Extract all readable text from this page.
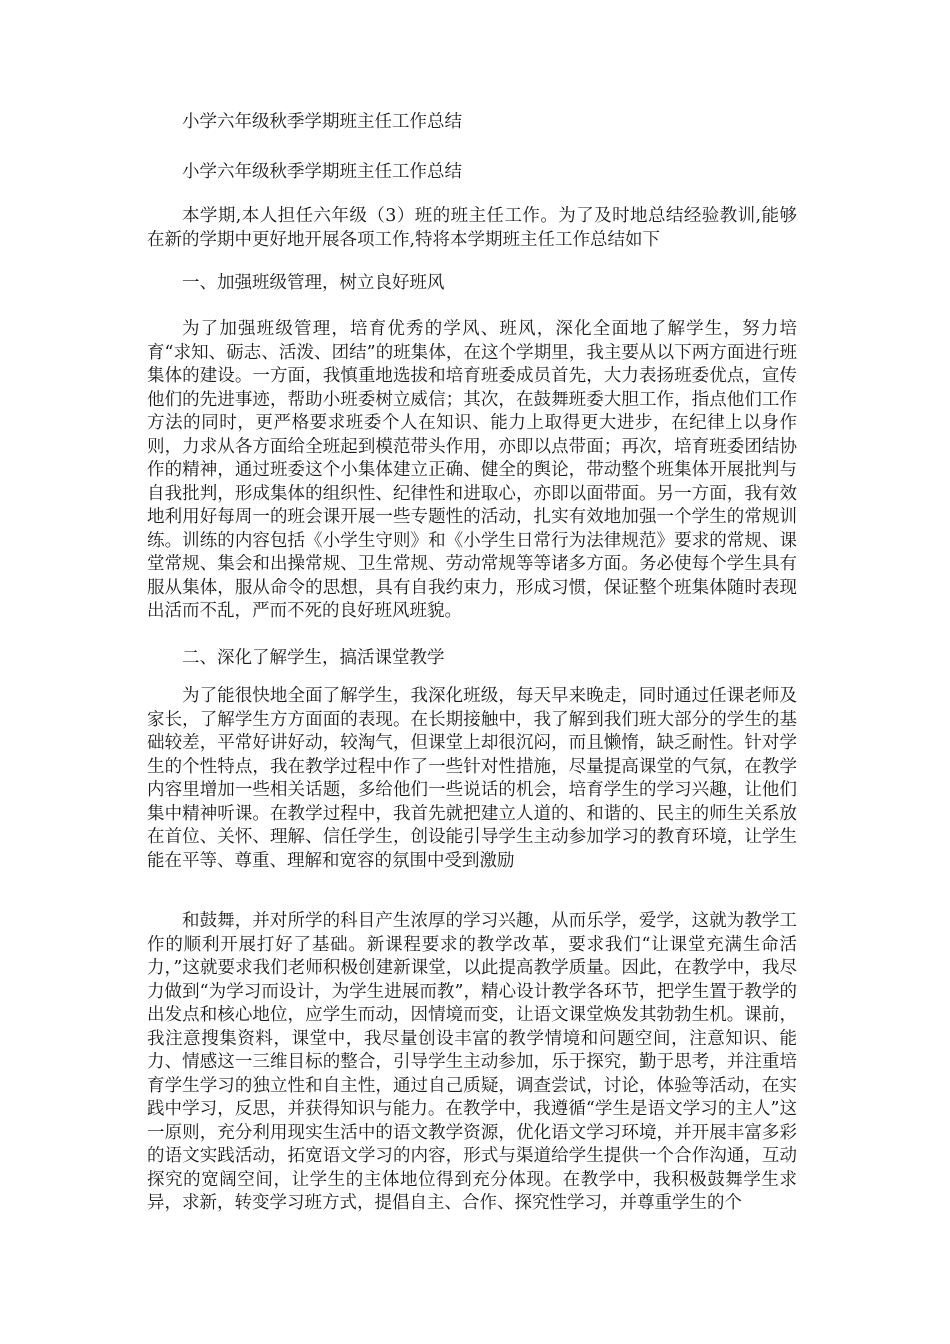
小学六年级秋季学期班主任工作总结
小学六年级秋季学期班主任工作总结
本学期,本人担任六年级（3）班的班主任工作。为了及时地总结经验教训,能够在新的学期中更好地开展各项工作,特将本学期班主任工作总结如下
一、加强班级管理，树立良好班风
为了加强班级管理，培育优秀的学风、班风，深化全面地了解学生，努力培育“求知、砺志、活泼、团结”的班集体，在这个学期里，我主要从以下两方面进行班集体的建设。一方面，我慎重地选拔和培育班委成员首先，大力表扬班委优点，宣传他们的先进事迹，帮助小班委树立威信；其次，在鼓舞班委大胆工作，指点他们工作方法的同时，更严格要求班委个人在知识、能力上取得更大进步，在纪律上以身作则，力求从各方面给全班起到模范带头作用，亦即以点带面；再次，培育班委团结协作的精神，通过班委这个小集体建立正确、健全的舆论，带动整个班集体开展批判与自我批判，形成集体的组织性、纪律性和进取心，亦即以面带面。另一方面，我有效地利用好每周一的班会课开展一些专题性的活动，扎实有效地加强一个学生的常规训练。训练的内容包括《小学生守则》和《小学生日常行为法律规范》要求的常规、课堂常规、集会和出操常规、卫生常规、劳动常规等等诸多方面。务必使每个学生具有服从集体，服从命令的思想，具有自我约束力，形成习惯，保证整个班集体随时表现出活而不乱，严而不死的良好班风班貌。
二、深化了解学生，搞活课堂教学
为了能很快地全面了解学生，我深化班级，每天早来晚走，同时通过任课老师及家长，了解学生方方面面的表现。在长期接触中，我了解到我们班大部分的学生的基础较差，平常好讲好动，较淘气，但课堂上却很沉闷，而且懒惰，缺乏耐性。针对学生的个性特点，我在教学过程中作了一些针对性措施，尽量提高课堂的气氛，在教学内容里增加一些相关话题，多给他们一些说话的机会，培育学生的学习兴趣，让他们集中精神听课。在教学过程中，我首先就把建立人道的、和谐的、民主的师生关系放在首位、关怀、理解、信任学生，创设能引导学生主动参加学习的教育环境，让学生能在平等、尊重、理解和宽容的氛围中受到激励
和鼓舞，并对所学的科目产生浓厚的学习兴趣，从而乐学，爱学，这就为教学工作的顺利开展打好了基础。新课程要求的教学改革，要求我们“让课堂充满生命活力，”这就要求我们老师积极创建新课堂，以此提高教学质量。因此，在教学中，我尽力做到“为学习而设计，为学生进展而教”，精心设计教学各环节，把学生置于教学的出发点和核心地位，应学生而动，因情境而变，让语文课堂焕发其勃勃生机。课前，我注意搜集资料，课堂中，我尽量创设丰富的教学情境和问题空间，注意知识、能力、情感这一三维目标的整合，引导学生主动参加，乐于探究，勤于思考，并注重培育学生学习的独立性和自主性，通过自己质疑，调查尝试，讨论，体验等活动，在实践中学习，反思，并获得知识与能力。在教学中，我遵循“学生是语文学习的主人”这一原则，充分利用现实生活中的语文教学资源，优化语文学习环境，并开展丰富多彩的语文实践活动，拓宽语文学习的内容，形式与渠道给学生提供一个合作沟通，互动探究的宽阔空间，让学生的主体地位得到充分体现。在教学中，我积极鼓舞学生求异，求新，转变学习班方式，提倡自主、合作、探究性学习，并尊重学生的个
